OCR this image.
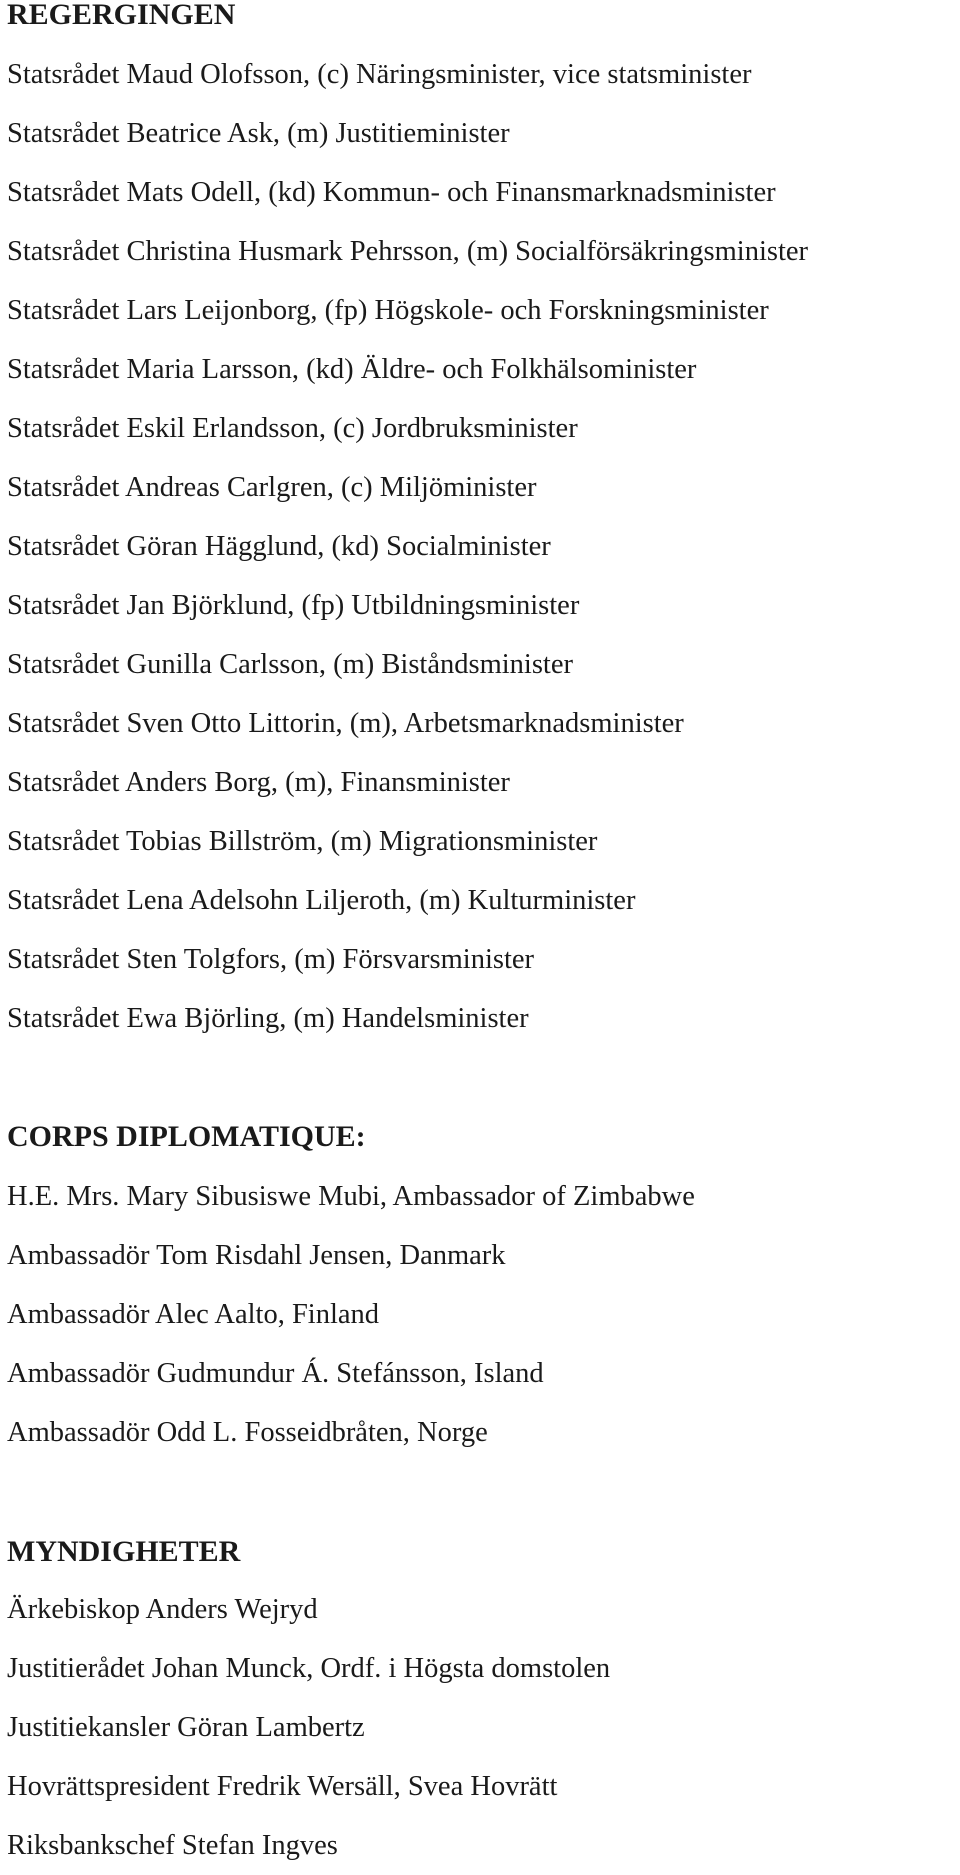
REGERGINGEN
Statsrådet Maud Olofsson, (c) Näringsminister, vice statsminister
Statsrådet Beatrice Ask, (m) Justitieminister
Statsrådet Mats Odell, (kd) Kommun- och Finansmarknadsminister
Statsrådet Christina Husmark Pehrsson, (m) Socialförsäkringsminister
Statsrådet Lars Leijonborg, (fp) Högskole- och Forskningsminister
Statsrådet Maria Larsson, (kd) Äldre- och Folkhälsominister
Statsrådet Eskil Erlandsson, (c) Jordbruksminister
Statsrådet Andreas Carlgren, (c) Miljöminister
Statsrådet Göran Hägglund, (kd) Socialminister
Statsrådet Jan Björklund, (fp) Utbildningsminister
Statsrådet Gunilla Carlsson, (m) Biståndsminister
Statsrådet Sven Otto Littorin, (m), Arbetsmarknadsminister
Statsrådet Anders Borg, (m), Finansminister
Statsrådet Tobias Billström, (m) Migrationsminister
Statsrådet Lena Adelsohn Liljeroth, (m) Kulturminister
Statsrådet Sten Tolgfors, (m) Försvarsminister
Statsrådet Ewa Björling, (m) Handelsminister
CORPS DIPLOMATIQUE:
H.E. Mrs. Mary Sibusiswe Mubi, Ambassador of Zimbabwe
Ambassadör Tom Risdahl Jensen, Danmark
Ambassadör Alec Aalto, Finland
Ambassadör Gudmundur Á. Stefánsson, Island
Ambassadör Odd L. Fosseidbråten, Norge
MYNDIGHETER
Ärkebiskop Anders Wejryd
Justitierådet Johan Munck, Ordf. i Högsta domstolen
Justitiekansler Göran Lambertz
Hovrättspresident Fredrik Wersäll, Svea Hovrätt
Riksbankschef Stefan Ingves
